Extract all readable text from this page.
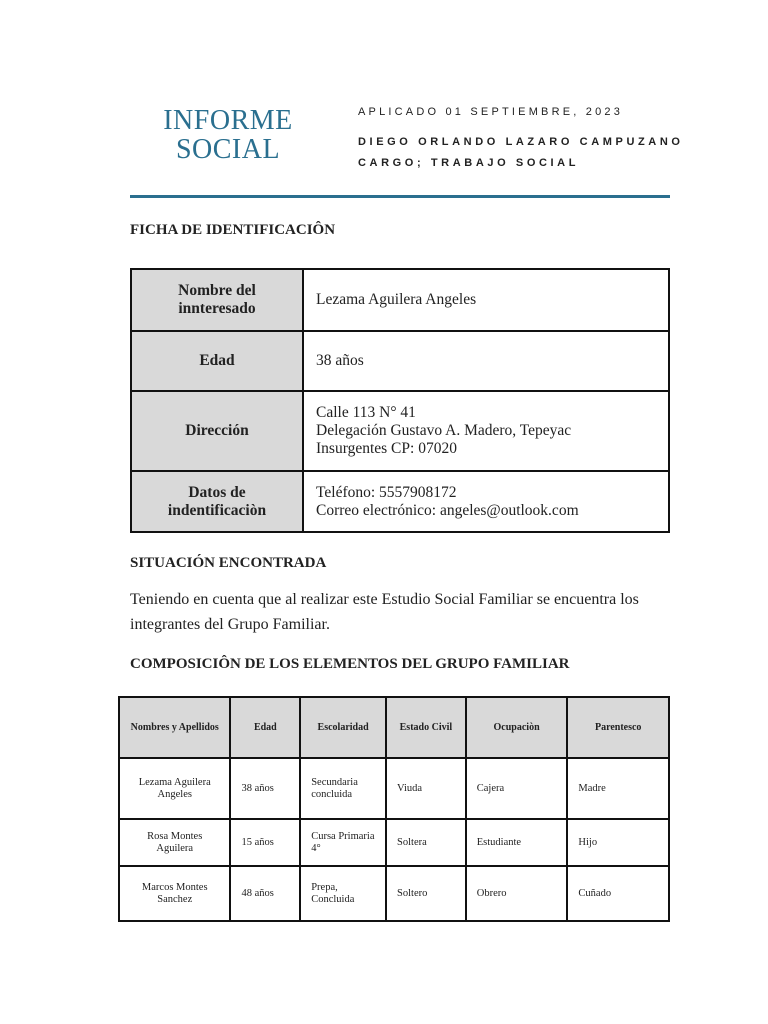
INFORME SOCIAL
APLICADO 01 SEPTIEMBRE, 2023
DIEGO ORLANDO LAZARO CAMPUZANO
CARGO; TRABAJO SOCIAL
FICHA DE IDENTIFICACIÔN
Nombre del innteresado	Lezama Aguilera Angeles

Edad	38 años

Dirección	Calle 113 N° 41
Delegación Gustavo A. Madero, Tepeyac
Insurgentes CP: 07020

Datos de indentificaciòn	Teléfono: 5557908172
Correo electrónico: angeles@outlook.com
SITUACIÓN ENCONTRADA
Teniendo en cuenta que al realizar este Estudio Social Familiar se encuentra los integrantes del Grupo Familiar.
COMPOSICIÔN DE LOS ELEMENTOS DEL GRUPO FAMILIAR
Nombres y Apellidos	Edad	Escolaridad	Estado Civil	Ocupaciòn	Parentesco
Lezama Aguilera Angeles	38 años	Secundaria concluida	Viuda	Cajera	Madre
Rosa Montes Aguilera	15 años	Cursa Primaria 4°	Soltera	Estudiante	Hijo
Marcos Montes Sanchez	48 años	Prepa, Concluida	Soltero	Obrero	Cuñado
